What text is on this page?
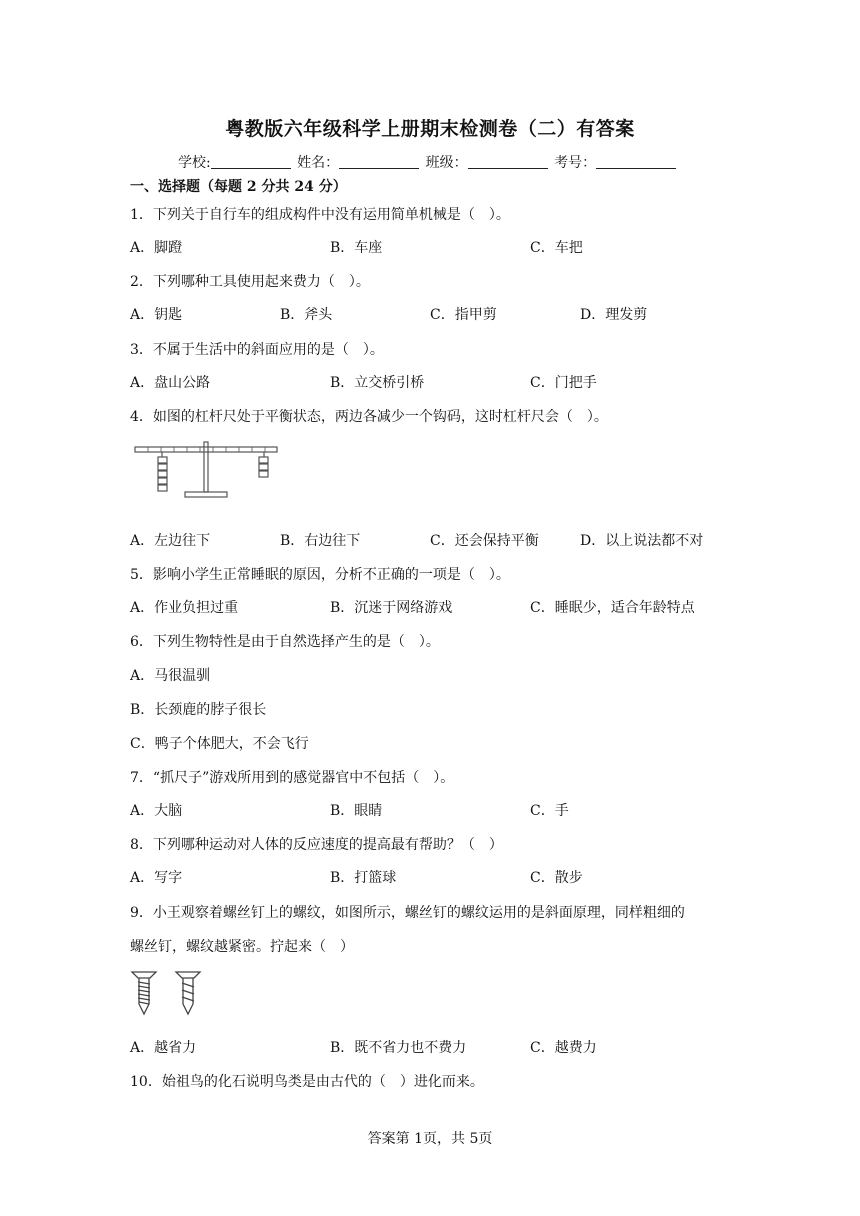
粤教版六年级科学上册期末检测卷（二）有答案
学校:	姓名：	班级：	考号：
一、选择题（每题 2 分共 24 分）
1．下列关于自行车的组成构件中没有运用简单机械是（　）。
A．脚蹬	B．车座	C．车把
2．下列哪种工具使用起来费力（　）。
A．钥匙	B．斧头	C．指甲剪	D．理发剪
3．不属于生活中的斜面应用的是（　）。
A．盘山公路	B．立交桥引桥	C．门把手
4．如图的杠杆尺处于平衡状态，两边各减少一个钩码，这时杠杆尺会（　）。
A．左边往下	B．右边往下	C．还会保持平衡	D．以上说法都不对
5．影响小学生正常睡眠的原因，分析不正确的一项是（　）。
A．作业负担过重	B．沉迷于网络游戏	C．睡眠少，适合年龄特点
6．下列生物特性是由于自然选择产生的是（　）。
A．马很温驯
B．长颈鹿的脖子很长
C．鸭子个体肥大，不会飞行
7．“抓尺子”游戏所用到的感觉器官中不包括（　）。
A．大脑	B．眼睛	C．手
8．下列哪种运动对人体的反应速度的提高最有帮助？（　）
A．写字	B．打篮球	C．散步
9．小王观察着螺丝钉上的螺纹，如图所示，螺丝钉的螺纹运用的是斜面原理，同样粗细的
螺丝钉，螺纹越紧密。拧起来（　）
A．越省力	B．既不省力也不费力	C．越费力
10．始祖鸟的化石说明鸟类是由古代的（　）进化而来。
答案第 1页，共 5页
